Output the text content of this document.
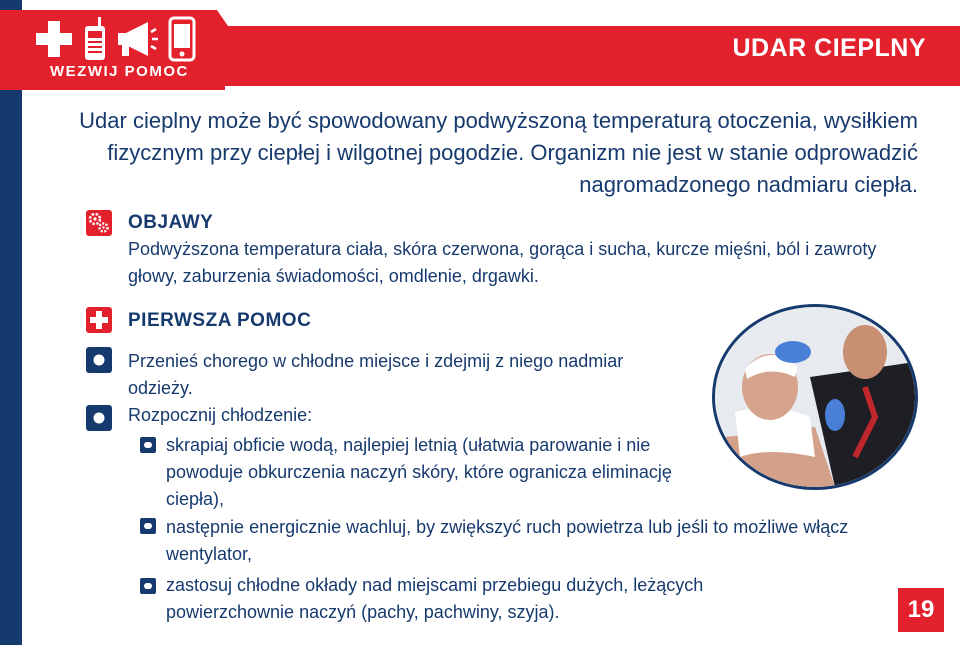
WEZWIJ POMOC
UDAR CIEPLNY
Udar cieplny może być spowodowany podwyższoną temperaturą otoczenia, wysiłkiem fizycznym przy ciepłej i wilgotnej pogodzie. Organizm nie jest w stanie odprowadzić nagromadzonego nadmiaru ciepła.
OBJAWY
Podwyższona temperatura ciała, skóra czerwona, gorąca i sucha, kurcze mięśni, ból i zawroty głowy, zaburzenia świadomości, omdlenie, drgawki.
PIERWSZA POMOC
Przenieś chorego w chłodne miejsce i zdejmij z niego nadmiar odzieży.
Rozpocznij chłodzenie:
skrapiaj obficie wodą, najlepiej letnią (ułatwia parowanie i nie powoduje obkurczenia naczyń skóry, które ogranicza eliminację ciepła),
następnie energicznie wachluj, by zwiększyć ruch powietrza lub jeśli to możliwe włącz wentylator,
zastosuj chłodne okłady nad miejscami przebiegu dużych, leżących powierzchownie naczyń (pachy, pachwiny, szyja).	19
